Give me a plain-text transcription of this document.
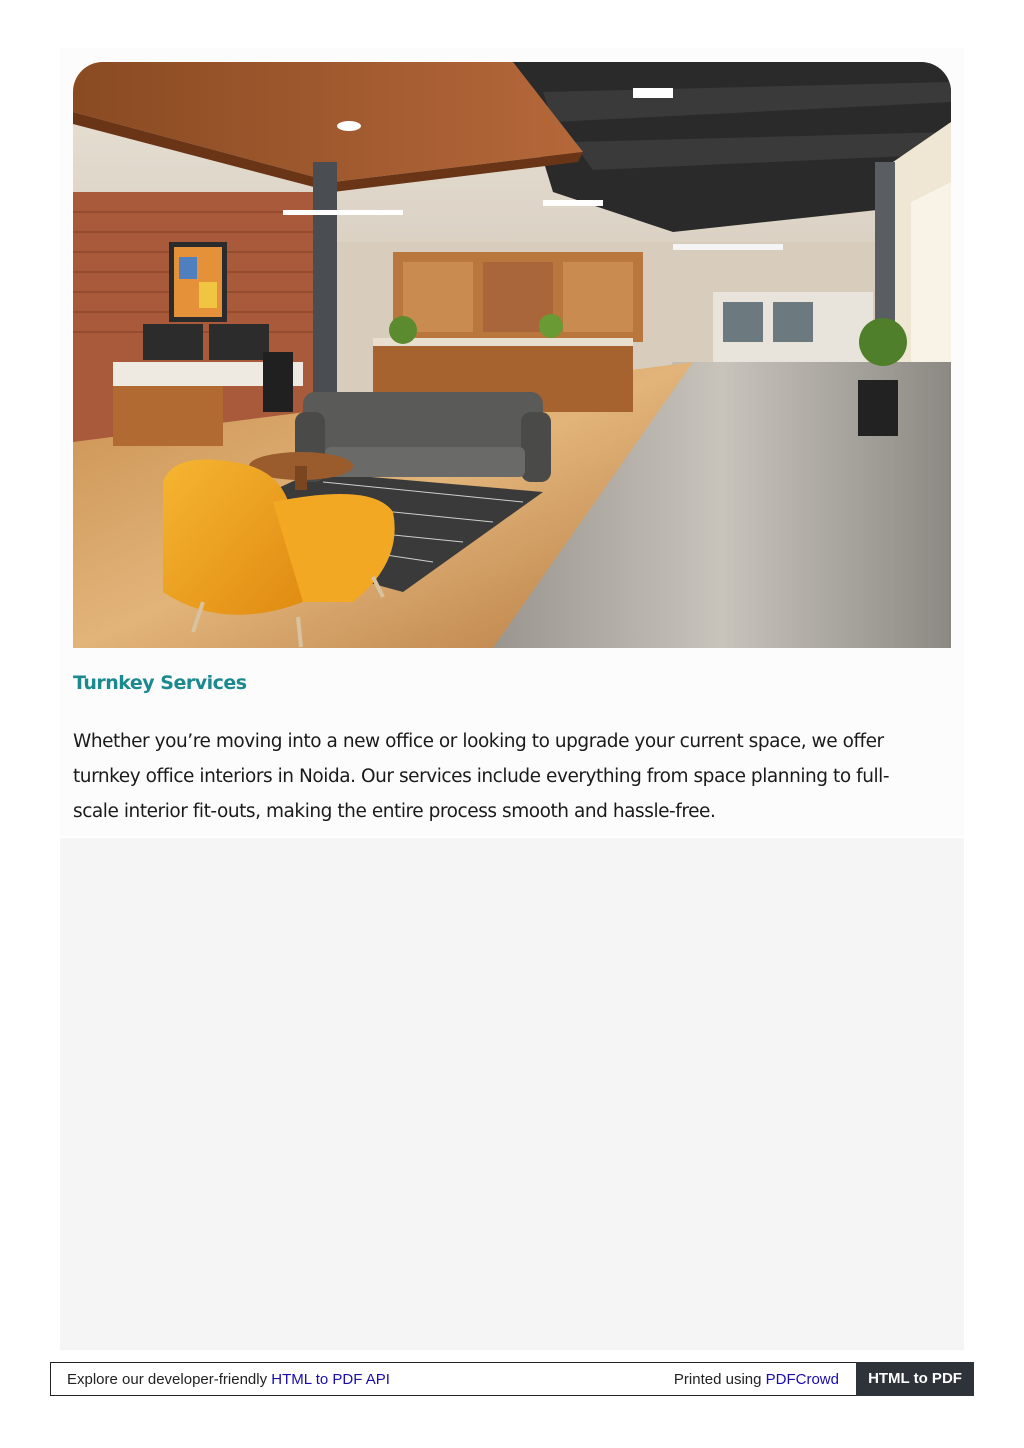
Turnkey Services

Whether you’re moving into a new office or looking to upgrade your current space, we offer turnkey office interiors in Noida. Our services include everything from space planning to full-scale interior fit-outs, making the entire process smooth and hassle-free.

Explore our developer-friendly HTML to PDF API	Printed using PDFCrowd	HTML to PDF
